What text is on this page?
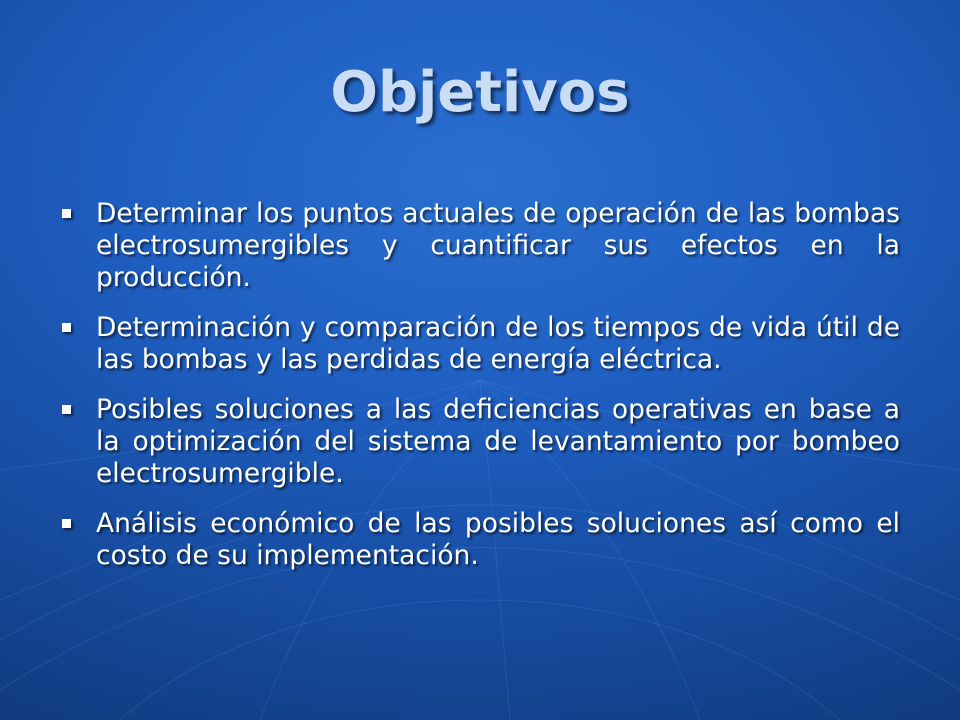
Objetivos
Determinar los puntos actuales de operación de las bombas electrosumergibles y cuantificar sus efectos en la producción.
Determinación y comparación de los tiempos de vida útil de las bombas y las perdidas de energía eléctrica.
Posibles soluciones a las deficiencias operativas en base a la optimización del sistema de levantamiento por bombeo electrosumergible.
Análisis económico de las posibles soluciones así como el costo de su implementación.
